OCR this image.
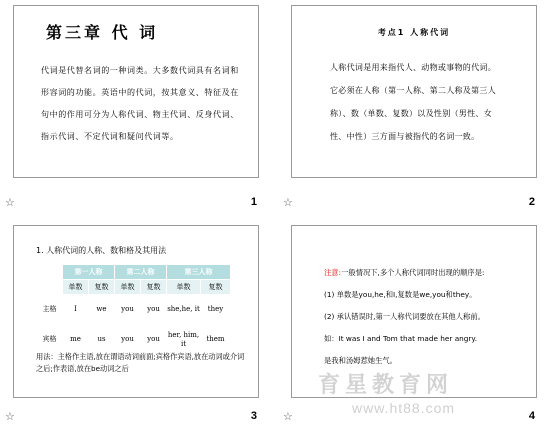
第三章 代 词
代词是代替名词的一种词类。大多数代词具有名词和形容词的功能。英语中的代词，按其意义、特征及在句中的作用可分为人称代词、物主代词、反身代词、指示代词、不定代词和疑问代词等。
☆	1
考点1 人称代词
人称代词是用来指代人、动物或事物的代词。它必须在人称（第一人称、第二人称及第三人称）、数（单数、复数）以及性别（男性、女性、中性）三方面与被指代的名词一致。
☆	2
1. 人称代词的人称、数和格及其用法
	第一人称		第二人称		第三人称	
	单数	复数	单数	复数	单数	复数
主格	I	we	you	you	she,he, it	they
宾格	me	us	you	you	her, him, it	them
用法：主格作主语,放在谓语动词前面;宾格作宾语,放在动词或介词之后;作表语,放在be动词之后
☆	3

注意:一般情况下,多个人称代词同时出现的顺序是:

(1) 单数是you,he,和I,复数是we,you和they。

(2) 承认错误时,第一人称代词要放在其他人称前。

如：It was I and Tom that made her angry.

是我和汤姆惹她生气。

☆	4
育星教育网
www.ht88.com
